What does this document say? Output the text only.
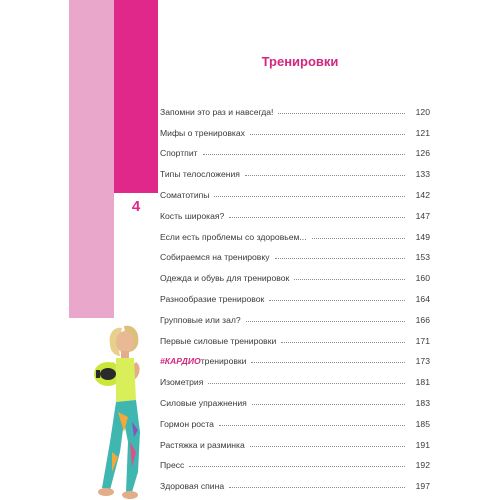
4
Тренировки
Запомни это раз и навсегда!	120
Мифы о тренировках	121
Спортпит	126
Типы телосложения	133
Соматотипы	142
Кость широкая?	147
Если есть проблемы со здоровьем...	149
Собираемся на тренировку	153
Одежда и обувь для тренировок	160
Разнообразие тренировок	164
Групповые или зал?	166
Первые силовые тренировки	171
#КАРДИОтренировки	173
Изометрия	181
Силовые упражнения	183
Гормон роста	185
Растяжка и разминка	191
Пресс	192
Здоровая спина	197
